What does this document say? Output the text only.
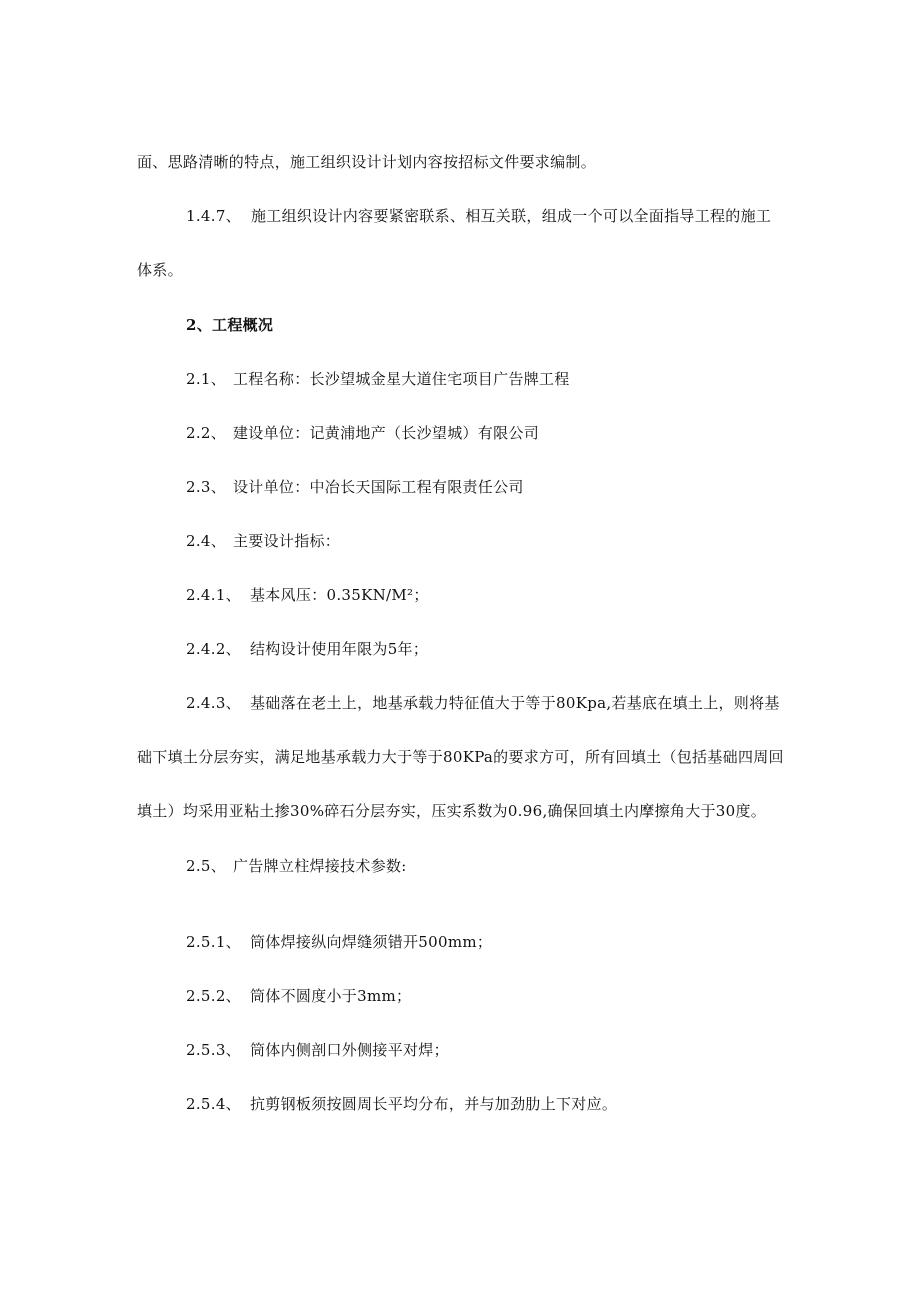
面、思路清晰的特点，施工组织设计计划内容按招标文件要求编制。
1.4.7、 施工组织设计内容要紧密联系、相互关联，组成一个可以全面指导工程的施工
体系。
2、工程概况
2.1、 工程名称：长沙望城金星大道住宅项目广告牌工程
2.2、 建设单位：记黄浦地产（长沙望城）有限公司
2.3、 设计单位：中冶长天国际工程有限责任公司
2.4、 主要设计指标：
2.4.1、 基本风压：0.35KN/M²；
2.4.2、 结构设计使用年限为5年；
2.4.3、 基础落在老土上，地基承载力特征值大于等于80Kpa,若基底在填土上，则将基
础下填土分层夯实，满足地基承载力大于等于80KPa的要求方可，所有回填土（包括基础四周回
填土）均采用亚粘土掺30%碎石分层夯实，压实系数为0.96,确保回填土内摩擦角大于30度。
2.5、 广告牌立柱焊接技术参数:
2.5.1、 筒体焊接纵向焊缝须错开500mm；
2.5.2、 筒体不圆度小于3mm；
2.5.3、 筒体内侧剖口外侧接平对焊；
2.5.4、 抗剪钢板须按圆周长平均分布，并与加劲肋上下对应。
